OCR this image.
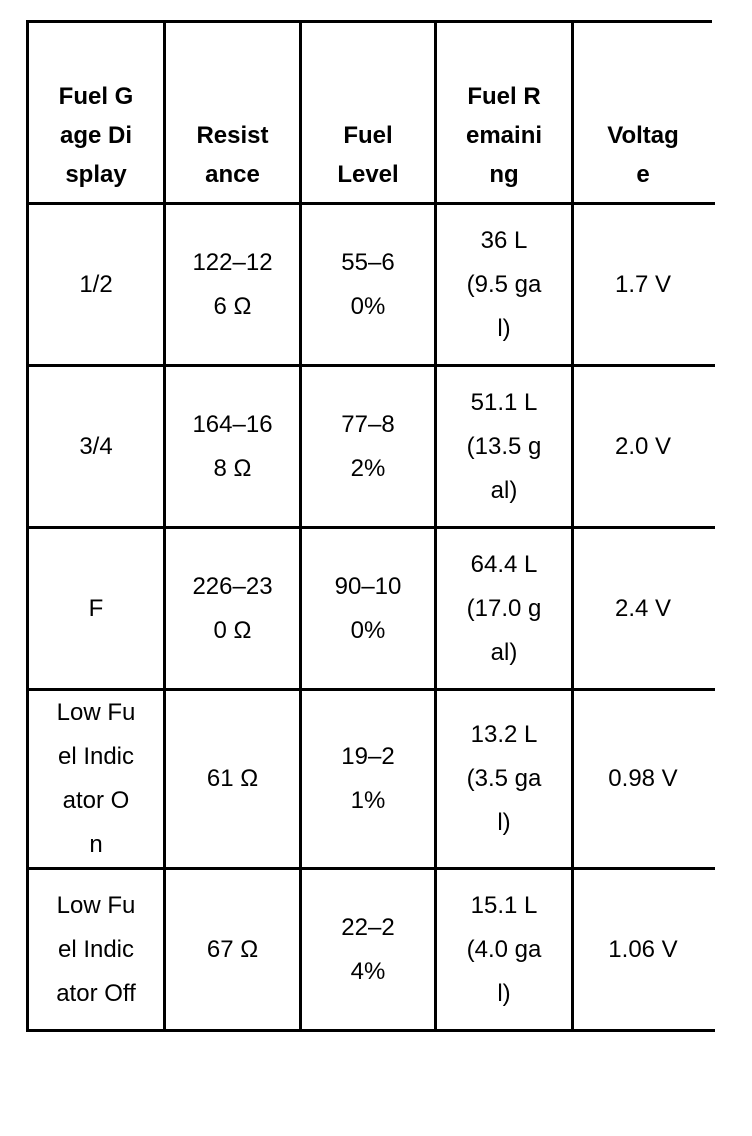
Fuel Gage Display	Resistance	Fuel Level	Fuel Remaining	Voltage

1/2	122–126 Ω	55–60%	36 L (9.5 gal)	1.7 V

3/4	164–168 Ω	77–82%	51.1 L (13.5 gal)	2.0 V

F	226–230 Ω	90–100%	64.4 L (17.0 gal)	2.4 V

Low Fuel Indicator On	61 Ω	19–21%	13.2 L (3.5 gal)	0.98 V

Low Fuel Indicator Off	67 Ω	22–24%	15.1 L (4.0 gal)	1.06 V
